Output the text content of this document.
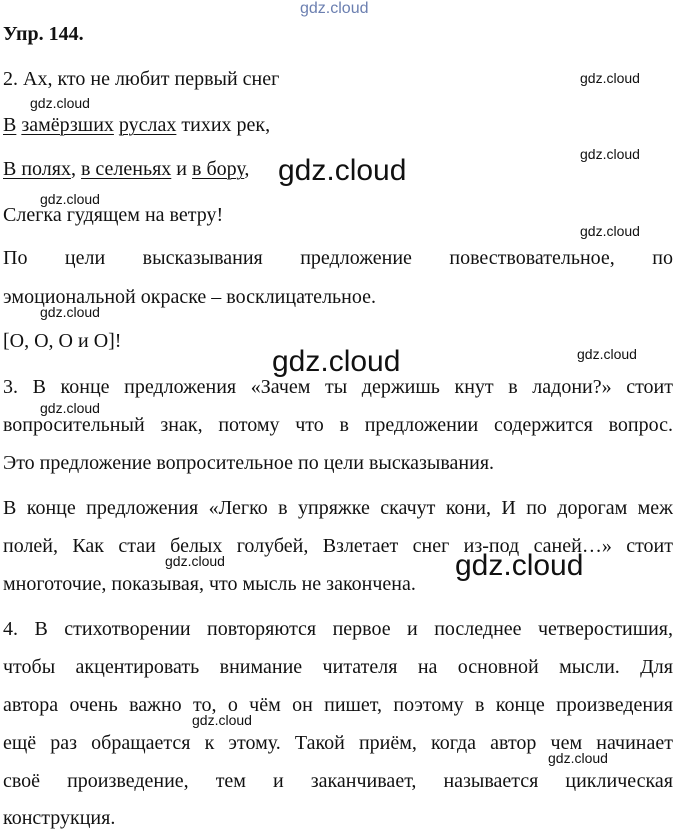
gdz.cloud
Упр. 144.
2. Ах, кто не любит первый снег	gdz.cloud
gdz.cloud
В замёрзших руслах тихих рек,
gdz.cloud
В полях, в селеньях и в бору, gdz.cloud
gdz.cloud
Слегка гудящем на ветру!
gdz.cloud
По цели высказывания предложение повествовательное, по
эмоциональной окраске – восклицательное.
gdz.cloud
[О, О, О и О]!
gdz.cloud
gdz.cloud
3. В конце предложения «Зачем ты держишь кнут в ладони?» стоит
gdz.cloud
вопросительный знак, потому что в предложении содержится вопрос.
Это предложение вопросительное по цели высказывания.
В конце предложения «Легко в упряжке скачут кони, И по дорогам меж
полей, Как стаи белых голубей, Взлетает снег из-под саней…» стоит
gdz.cloud
многоточие, показывая, что мысль не закончена.
gdz.cloud
4. В стихотворении повторяются первое и последнее четверостишия,
чтобы акцентировать внимание читателя на основной мысли. Для
автора очень важно то, о чём он пишет, поэтому в конце произведения
gdz.cloud
ещё раз обращается к этому. Такой приём, когда автор чем начинает
gdz.cloud
своё произведение, тем и заканчивает, называется циклическая
конструкция.
